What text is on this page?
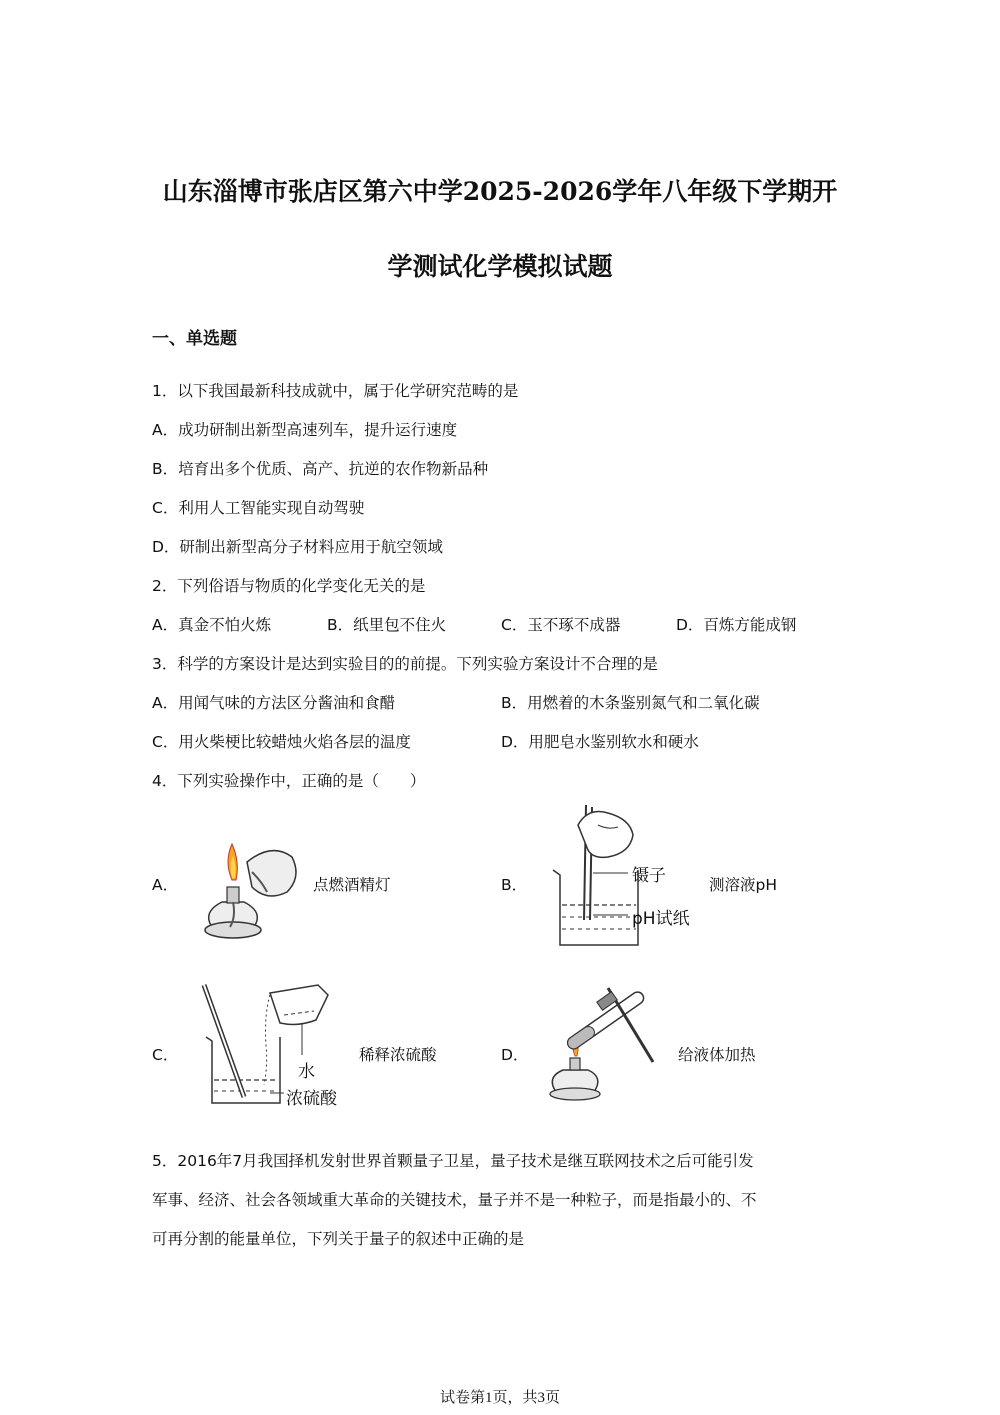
山东淄博市张店区第六中学2025-2026学年八年级下学期开
学测试化学模拟试题
一、单选题
1．以下我国最新科技成就中，属于化学研究范畴的是
A．成功研制出新型高速列车，提升运行速度
B．培育出多个优质、高产、抗逆的农作物新品种
C．利用人工智能实现自动驾驶
D．研制出新型高分子材料应用于航空领域
2．下列俗语与物质的化学变化无关的是
A．真金不怕火炼	B．纸里包不住火	C．玉不琢不成器	D．百炼方能成钢
3．科学的方案设计是达到实验目的的前提。下列实验方案设计不合理的是
A．用闻气味的方法区分酱油和食醋	B．用燃着的木条鉴别氮气和二氧化碳
C．用火柴梗比较蜡烛火焰各层的温度	D．用肥皂水鉴别软水和硬水
4．下列实验操作中，正确的是（　　）
A．	点燃酒精灯	B．	镊子
pH试纸
测溶液pH
C．
水
浓硫酸
稀释浓硫酸	D．	给液体加热
5．2016年7月我国择机发射世界首颗量子卫星，量子技术是继互联网技术之后可能引发
军事、经济、社会各领域重大革命的关键技术，量子并不是一种粒子，而是指最小的、不
可再分割的能量单位，下列关于量子的叙述中正确的是
试卷第1页，共3页
